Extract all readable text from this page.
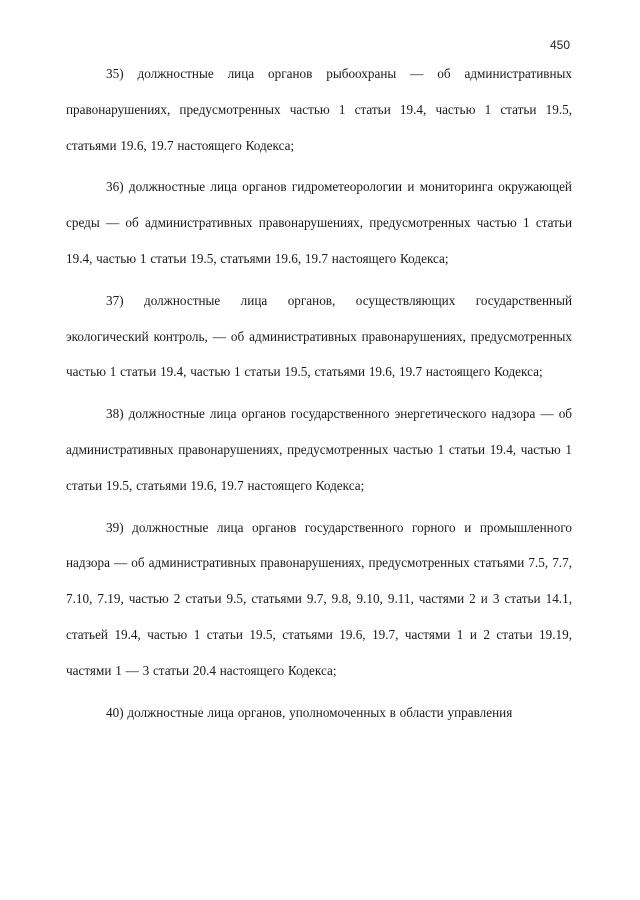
450

35) должностные лица органов рыбоохраны — об административных правонарушениях, предусмотренных частью 1 статьи 19.4, частью 1 статьи 19.5, статьями 19.6, 19.7 настоящего Кодекса;

36) должностные лица органов гидрометеорологии и мониторинга окружающей среды — об административных правонарушениях, предусмотренных частью 1 статьи 19.4, частью 1 статьи 19.5, статьями 19.6, 19.7 настоящего Кодекса;

37) должностные лица органов, осуществляющих государственный экологический контроль, — об административных правонарушениях, предусмотренных частью 1 статьи 19.4, частью 1 статьи 19.5, статьями 19.6, 19.7 настоящего Кодекса;

38) должностные лица органов государственного энергетического надзора — об административных правонарушениях, предусмотренных частью 1 статьи 19.4, частью 1 статьи 19.5, статьями 19.6, 19.7 настоящего Кодекса;

39) должностные лица органов государственного горного и промышленного надзора — об административных правонарушениях, предусмотренных статьями 7.5, 7.7, 7.10, 7.19, частью 2 статьи 9.5, статьями 9.7, 9.8, 9.10, 9.11, частями 2 и 3 статьи 14.1, статьей 19.4, частью 1 статьи 19.5, статьями 19.6, 19.7, частями 1 и 2 статьи 19.19, частями 1 — 3 статьи 20.4 настоящего Кодекса;

40) должностные лица органов, уполномоченных в области управления
